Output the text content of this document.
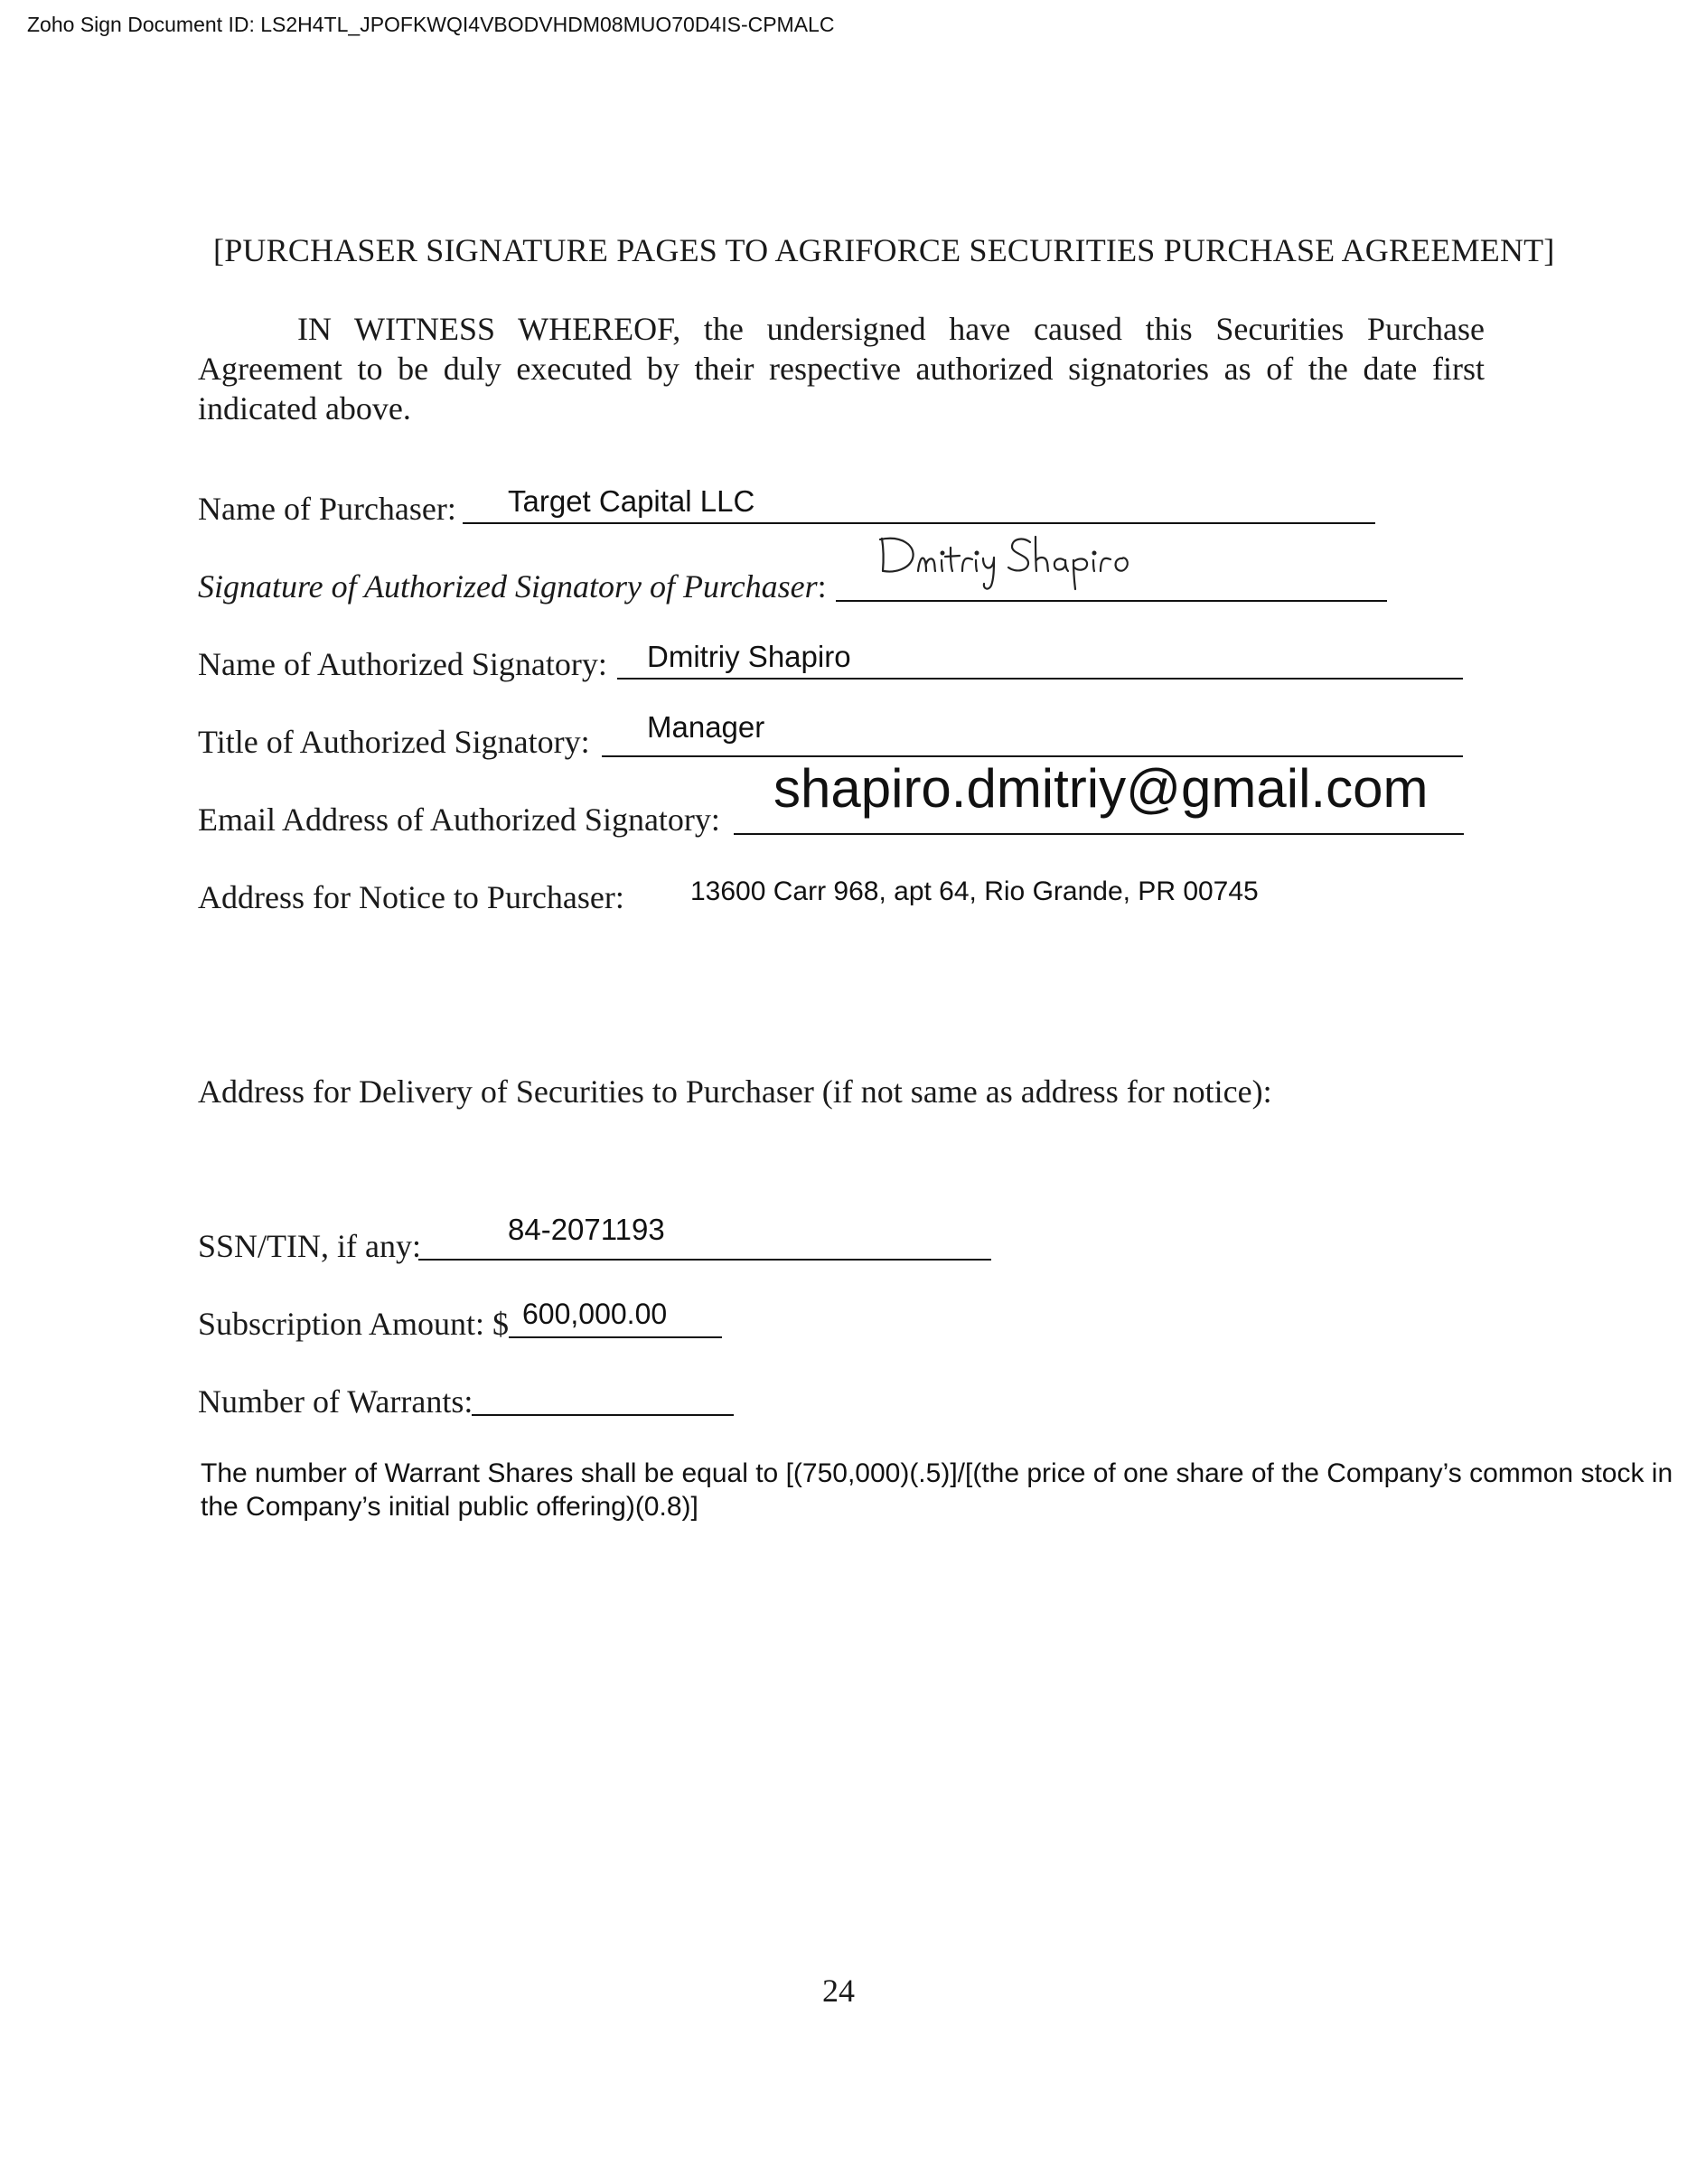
Zoho Sign Document ID: LS2H4TL_JPOFKWQI4VBODVHDM08MUO70D4IS-CPMALC
[PURCHASER SIGNATURE PAGES TO AGRIFORCE SECURITIES PURCHASE AGREEMENT]
IN WITNESS WHEREOF, the undersigned have caused this Securities Purchase Agreement to be duly executed by their respective authorized signatories as of the date first indicated above.
Name of Purchaser: Target Capital LLC
Signature of Authorized Signatory of Purchaser:
Name of Authorized Signatory: Dmitriy Shapiro
Title of Authorized Signatory: Manager
Email Address of Authorized Signatory:
shapiro.dmitriy@gmail.com
Address for Notice to Purchaser: 13600 Carr 968, apt 64, Rio Grande, PR 00745
Address for Delivery of Securities to Purchaser (if not same as address for notice):
SSN/TIN, if any:	84-2071193
Subscription Amount: $ 600,000.00
Number of Warrants:
The number of Warrant Shares shall be equal to [(750,000)(.5)]/[(the price of one share of the Company’s common stock in the Company’s initial public offering)(0.8)]
24
